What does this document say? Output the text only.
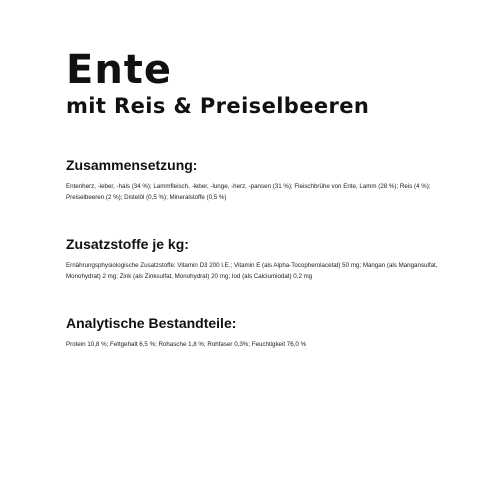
Ente
mit Reis & Preiselbeeren
Zusammensetzung:

Entenherz, -leber, -hals (34 %); Lammfleisch, -leber, -lunge, -herz, -pansen (31 %); Fleischbrühe von Ente, Lamm (28 %); Reis (4 %); Preiselbeeren (2 %); Distelöl (0,5 %); Mineralstoffe (0,5 %)

Zusatzstoffe je kg:

Ernährungsphysiologische Zusatzstoffe: Vitamin D3 200 I.E.; Vitamin E (als Alpha-Tocopherolacetat) 50 mg; Mangan (als Mangansulfat, Monohydrat) 2 mg; Zink (als Zinksulfat, Monohydrat) 20 mg; Iod (als Calciumiodat) 0,2 mg

Analytische Bestandteile:

Protein 10,8 %; Fettgehalt 6,5 %; Rohasche 1,8 %; Rohfaser 0,3%; Feuchtigkeit 76,0 %
